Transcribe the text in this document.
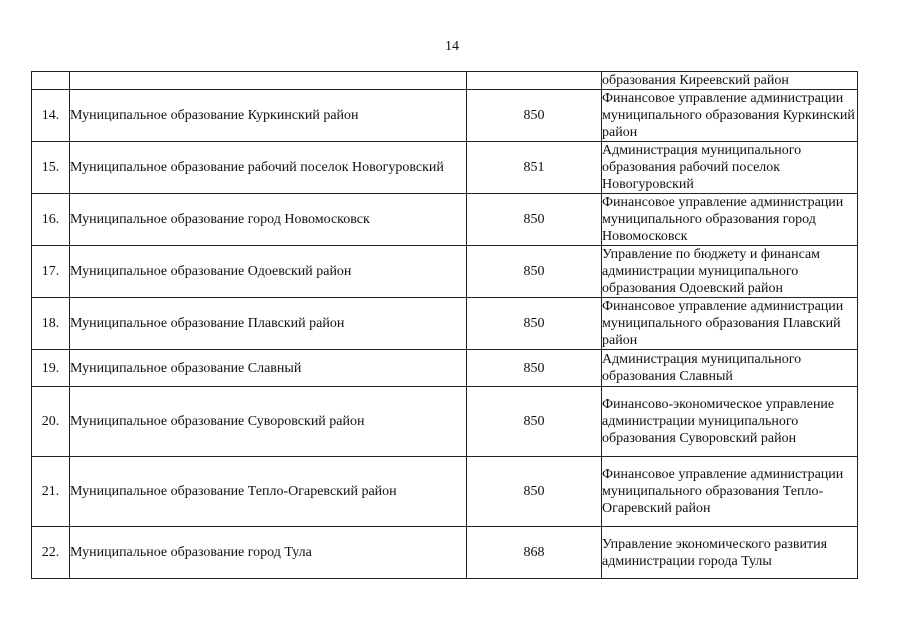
14
			образования Киреевский район
14.	Муниципальное образование Куркинский район	850	Финансовое управление администрации муниципального образования Куркинский район
15.	Муниципальное образование рабочий поселок Новогуровский	851	Администрация муниципального образования рабочий поселок Новогуровский
16.	Муниципальное образование город Новомосковск	850	Финансовое управление администрации муниципального образования город Новомосковск
17.	Муниципальное образование Одоевский район	850	Управление по бюджету и финансам администрации муниципального образования Одоевский район
18.	Муниципальное образование Плавский район	850	Финансовое управление администрации муниципального образования Плавский район
19.	Муниципальное образование Славный	850	Администрация муниципального образования Славный
20.	Муниципальное образование Суворовский район	850	Финансово-экономическое управление администрации муниципального образования Суворовский район
21.	Муниципальное образование Тепло-Огаревский район	850	Финансовое управление администрации муниципального образования Тепло-Огаревский район
22.	Муниципальное образование город Тула	868	Управление экономического развития администрации города Тулы
